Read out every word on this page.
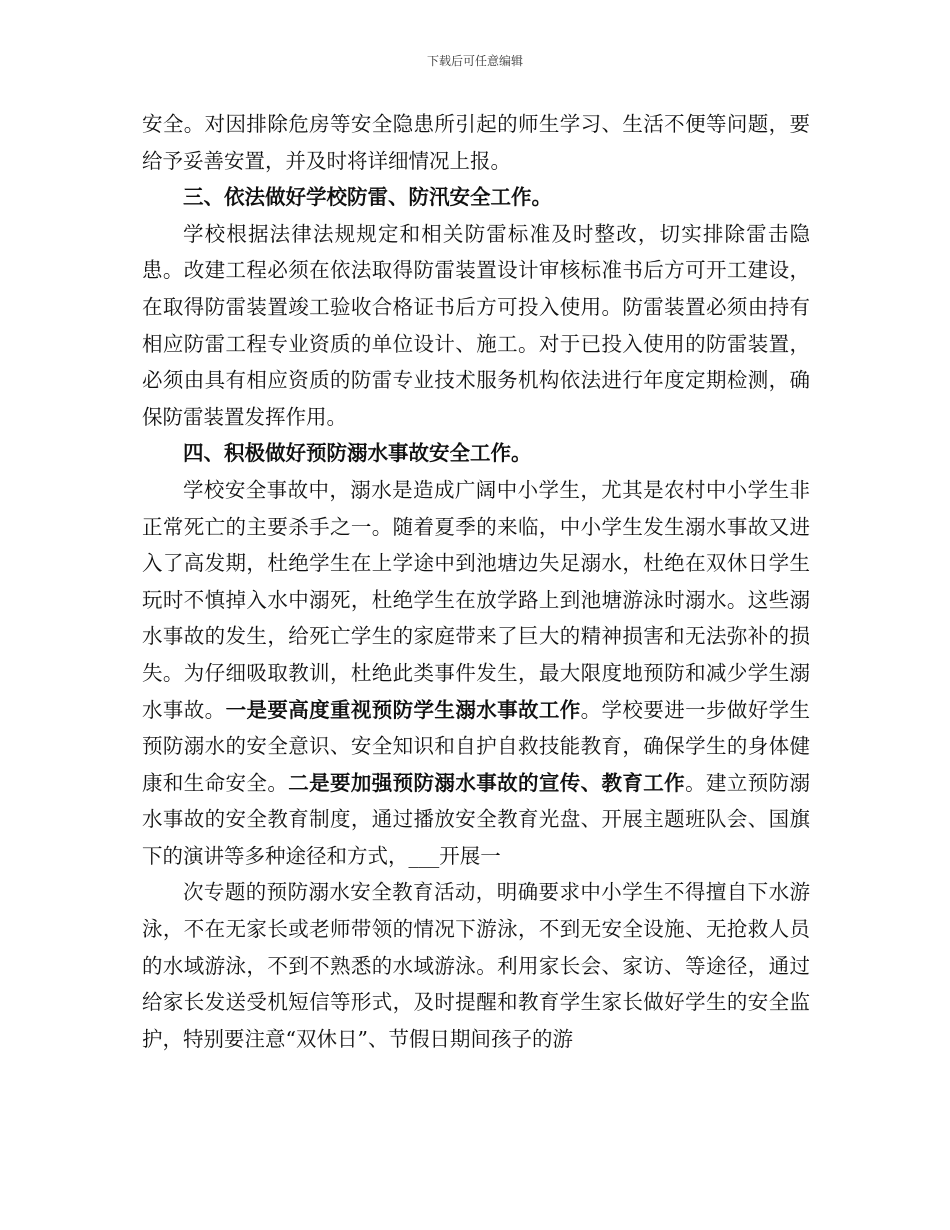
下载后可任意编辑

安全。对因排除危房等安全隐患所引起的师生学习、生活不便等问题，要给予妥善安置，并及时将详细情况上报。

三、依法做好学校防雷、防汛安全工作。

学校根据法律法规规定和相关防雷标准及时整改，切实排除雷击隐患。改建工程必须在依法取得防雷装置设计审核标准书后方可开工建设，在取得防雷装置竣工验收合格证书后方可投入使用。防雷装置必须由持有相应防雷工程专业资质的单位设计、施工。对于已投入使用的防雷装置，必须由具有相应资质的防雷专业技术服务机构依法进行年度定期检测，确保防雷装置发挥作用。

四、积极做好预防溺水事故安全工作。

学校安全事故中，溺水是造成广阔中小学生，尤其是农村中小学生非正常死亡的主要杀手之一。随着夏季的来临，中小学生发生溺水事故又进入了高发期，杜绝学生在上学途中到池塘边失足溺水，杜绝在双休日学生玩时不慎掉入水中溺死，杜绝学生在放学路上到池塘游泳时溺水。这些溺水事故的发生，给死亡学生的家庭带来了巨大的精神损害和无法弥补的损失。为仔细吸取教训，杜绝此类事件发生，最大限度地预防和减少学生溺水事故。一是要高度重视预防学生溺水事故工作。学校要进一步做好学生预防溺水的安全意识、安全知识和自护自救技能教育，确保学生的身体健康和生命安全。二是要加强预防溺水事故的宣传、教育工作。建立预防溺水事故的安全教育制度，通过播放安全教育光盘、开展主题班队会、国旗下的演讲等多种途径和方式，___开展一

次专题的预防溺水安全教育活动，明确要求中小学生不得擅自下水游泳，不在无家长或老师带领的情况下游泳，不到无安全设施、无抢救人员的水域游泳，不到不熟悉的水域游泳。利用家长会、家访、等途径，通过给家长发送受机短信等形式，及时提醒和教育学生家长做好学生的安全监护，特别要注意“双休日”、节假日期间孩子的游
